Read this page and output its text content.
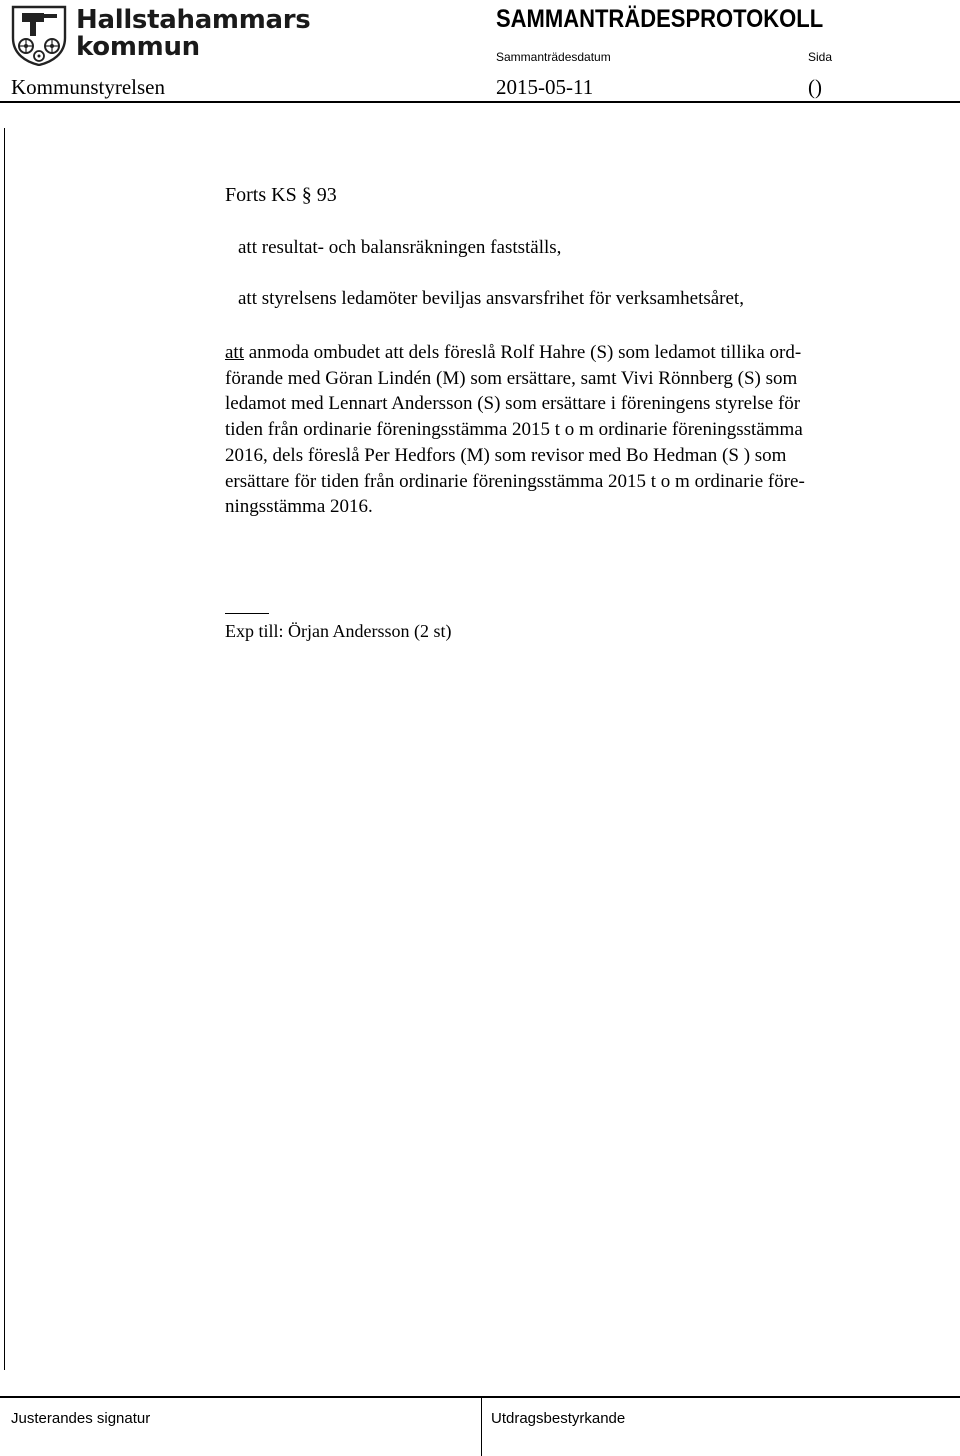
Hallstahammars
kommun
SAMMANTRÄDESPROTOKOLL
Sammanträdesdatum	Sida
Kommunstyrelsen	2015-05-11	()
Forts KS § 93
att resultat- och balansräkningen fastställs,
att styrelsens ledamöter beviljas ansvarsfrihet för verksamhetsåret,
att anmoda ombudet att dels föreslå Rolf Hahre (S) som ledamot tillika ord-
förande med Göran Lindén (M) som ersättare, samt Vivi Rönnberg (S) som
ledamot med Lennart Andersson (S) som ersättare i föreningens styrelse för
tiden från ordinarie föreningsstämma 2015 t o m ordinarie föreningsstämma
2016, dels föreslå Per Hedfors (M) som revisor med Bo Hedman (S ) som
ersättare för tiden från ordinarie föreningsstämma 2015 t o m ordinarie före-
ningsstämma 2016.
Exp till: Örjan Andersson (2 st)
Justerandes signatur	Utdragsbestyrkande
